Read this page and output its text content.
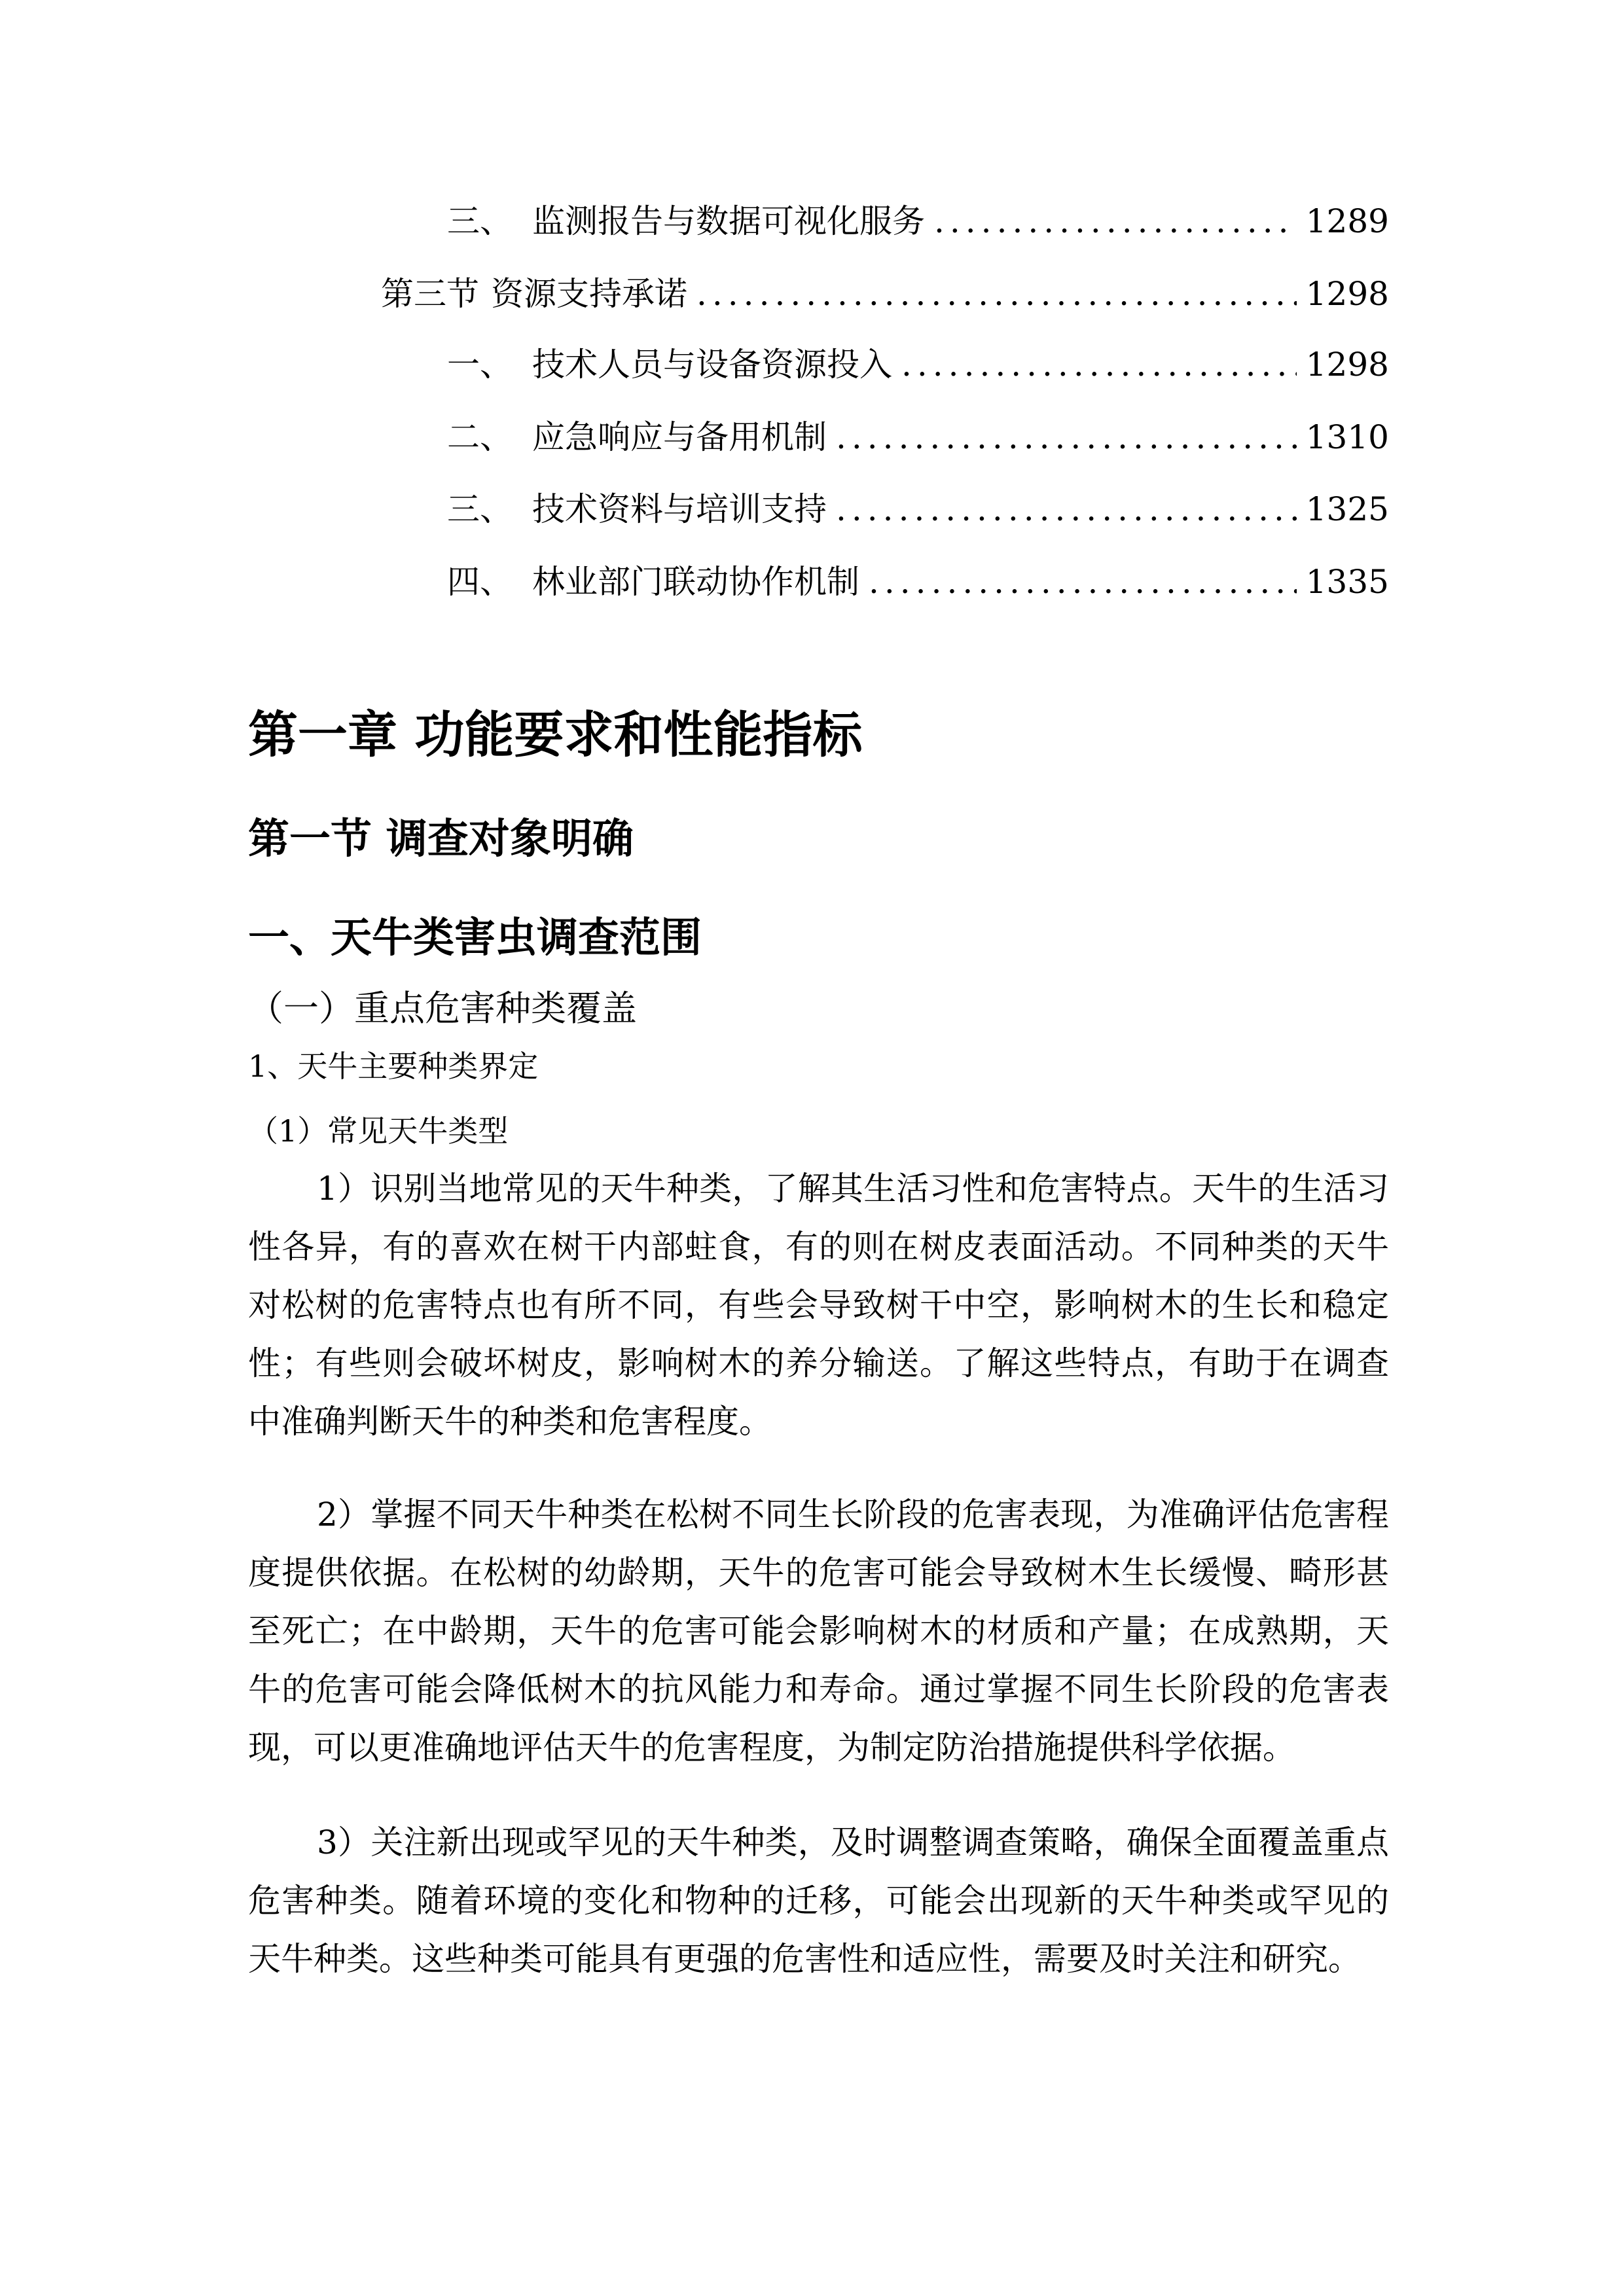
三、 监测报告与数据可视化服务 .....	1289
第三节 资源支持承诺 .....	1298
一、 技术人员与设备资源投入 .....	1298
二、 应急响应与备用机制 .....	1310
三、 技术资料与培训支持 .....	1325
四、 林业部门联动协作机制 .....	1335
第一章 功能要求和性能指标
第一节 调查对象明确
一、天牛类害虫调查范围
（一）重点危害种类覆盖
1、天牛主要种类界定
（1）常见天牛类型

1）识别当地常见的天牛种类，了解其生活习性和危害特点。天牛的生活习性各异，有的喜欢在树干内部蛀食，有的则在树皮表面活动。不同种类的天牛对松树的危害特点也有所不同，有些会导致树干中空，影响树木的生长和稳定性；有些则会破坏树皮，影响树木的养分输送。了解这些特点，有助于在调查中准确判断天牛的种类和危害程度。

2）掌握不同天牛种类在松树不同生长阶段的危害表现，为准确评估危害程度提供依据。在松树的幼龄期，天牛的危害可能会导致树木生长缓慢、畸形甚至死亡；在中龄期，天牛的危害可能会影响树木的材质和产量；在成熟期，天牛的危害可能会降低树木的抗风能力和寿命。通过掌握不同生长阶段的危害表现，可以更准确地评估天牛的危害程度，为制定防治措施提供科学依据。

3）关注新出现或罕见的天牛种类，及时调整调查策略，确保全面覆盖重点危害种类。随着环境的变化和物种的迁移，可能会出现新的天牛种类或罕见的天牛种类。这些种类可能具有更强的危害性和适应性，需要及时关注和研究。
